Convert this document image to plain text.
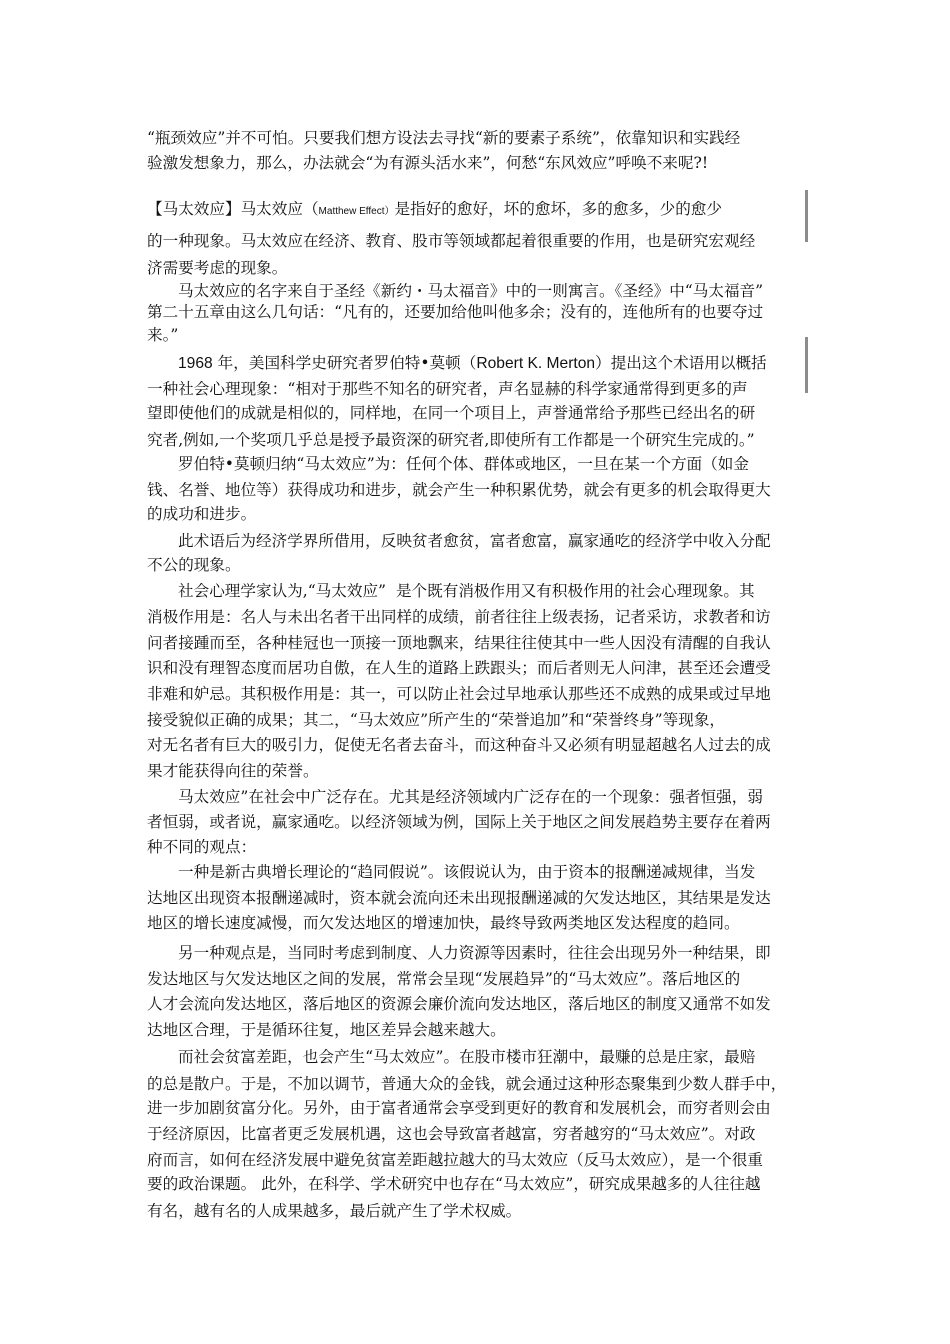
“瓶颈效应”并不可怕。只要我们想方设法去寻找“新的要素子系统”，依靠知识和实践经
验激发想象力，那么，办法就会“为有源头活水来”，何愁“东风效应”呼唤不来呢?!
【马太效应】马太效应（Matthew Effect）是指好的愈好，坏的愈坏，多的愈多，少的愈少
的一种现象。马太效应在经济、教育、股市等领域都起着很重要的作用，也是研究宏观经
济需要考虑的现象。
马太效应的名字来自于圣经《新约・马太福音》中的一则寓言。《圣经》中“马太福音”
第二十五章由这么几句话：“凡有的，还要加给他叫他多余；没有的，连他所有的也要夺过
来。”
1968 年，美国科学史研究者罗伯特•莫顿（Robert K. Merton）提出这个术语用以概括
一种社会心理现象：“相对于那些不知名的研究者，声名显赫的科学家通常得到更多的声
望即使他们的成就是相似的，同样地，在同一个项目上，声誉通常给予那些已经出名的研
究者,例如,一个奖项几乎总是授予最资深的研究者,即使所有工作都是一个研究生完成的。”
罗伯特•莫顿归纳“马太效应”为：任何个体、群体或地区，一旦在某一个方面（如金
钱、名誉、地位等）获得成功和进步，就会产生一种积累优势，就会有更多的机会取得更大
的成功和进步。
此术语后为经济学界所借用，反映贫者愈贫，富者愈富，赢家通吃的经济学中收入分配
不公的现象。
社会心理学家认为,“马太效应”  是个既有消极作用又有积极作用的社会心理现象。其
消极作用是：名人与未出名者干出同样的成绩，前者往往上级表扬，记者采访，求教者和访
问者接踵而至，各种桂冠也一顶接一顶地飘来，结果往往使其中一些人因没有清醒的自我认
识和没有理智态度而居功自傲，在人生的道路上跌跟头；而后者则无人问津，甚至还会遭受
非难和妒忌。其积极作用是：其一，可以防止社会过早地承认那些还不成熟的成果或过早地
接受貌似正确的成果；其二，“马太效应”所产生的“荣誉追加”和“荣誉终身”等现象，
对无名者有巨大的吸引力，促使无名者去奋斗，而这种奋斗又必须有明显超越名人过去的成
果才能获得向往的荣誉。
马太效应”在社会中广泛存在。尤其是经济领域内广泛存在的一个现象：强者恒强，弱
者恒弱，或者说，赢家通吃。以经济领域为例，国际上关于地区之间发展趋势主要存在着两
种不同的观点：
一种是新古典增长理论的“趋同假说”。该假说认为，由于资本的报酬递减规律，当发
达地区出现资本报酬递减时，资本就会流向还未出现报酬递减的欠发达地区，其结果是发达
地区的增长速度减慢，而欠发达地区的增速加快，最终导致两类地区发达程度的趋同。
另一种观点是，当同时考虑到制度、人力资源等因素时，往往会出现另外一种结果，即
发达地区与欠发达地区之间的发展，常常会呈现“发展趋异”的“马太效应”。落后地区的
人才会流向发达地区，落后地区的资源会廉价流向发达地区，落后地区的制度又通常不如发
达地区合理，于是循环往复，地区差异会越来越大。
而社会贫富差距，也会产生“马太效应”。在股市楼市狂潮中，最赚的总是庄家，最赔
的总是散户。于是，不加以调节，普通大众的金钱，就会通过这种形态聚集到少数人群手中，
进一步加剧贫富分化。另外，由于富者通常会享受到更好的教育和发展机会，而穷者则会由
于经济原因，比富者更乏发展机遇，这也会导致富者越富，穷者越穷的“马太效应”。对政
府而言，如何在经济发展中避免贫富差距越拉越大的马太效应（反马太效应），是一个很重
要的政治课题。 此外，在科学、学术研究中也存在“马太效应”，研究成果越多的人往往越
有名，越有名的人成果越多，最后就产生了学术权威。
